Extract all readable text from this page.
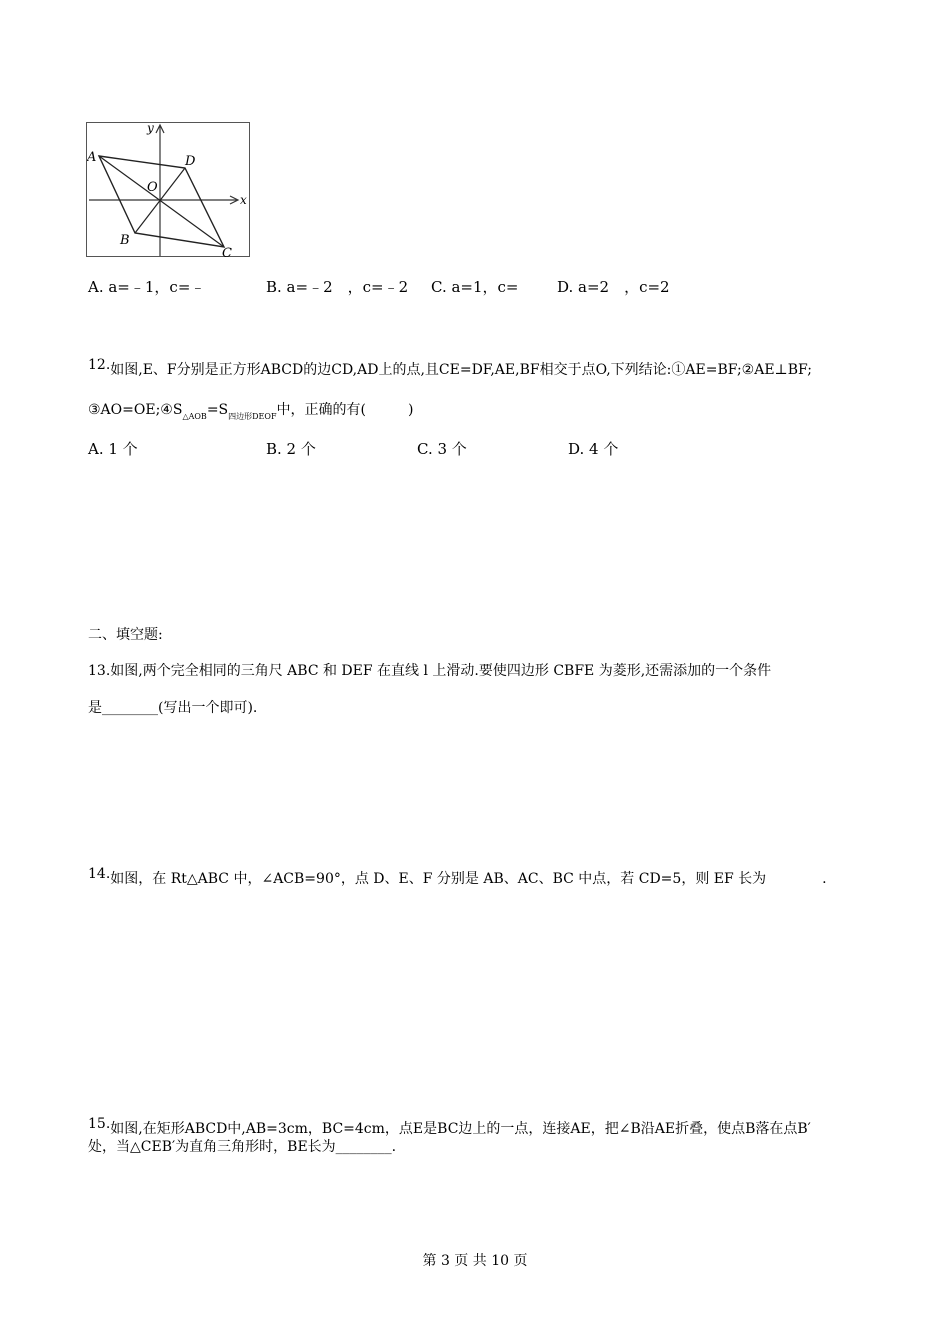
A	D
C
B
O
x
y
A. a=﹣1，c=﹣	B. a=﹣2　，c=﹣2 C. a=1，c=	D. a=2　，c=2
12.如图,E、F分别是正方形ABCD的边CD,AD上的点,且CE=DF,AE,BF相交于点O,下列结论:①AE=BF;②AE⊥BF;
$③AO=OE;④S_{\triangle AOB}=S_{四边形DEOF}$中，正确的有(　　　)
A. 1 个	B. 2 个	C. 3 个	D. 4 个
二、填空题:
13.如图,两个完全相同的三角尺 ABC 和 DEF 在直线 l 上滑动.要使四边形 CBFE 为菱形,还需添加的一个条件
是________(写出一个即可).
14.如图，在 Rt△ABC 中，∠ACB=90°，点 D、E、F 分别是 AB、AC、BC 中点，若 CD=5，则 EF 长为　　　　.
15.如图,在矩形ABCD中,AB=3cm，BC=4cm，点E是BC边上的一点，连接AE，把∠B沿AE折叠，使点B落在点B′
处，当△CEB′为直角三角形时，BE长为________.
第 3 页 共 10 页
